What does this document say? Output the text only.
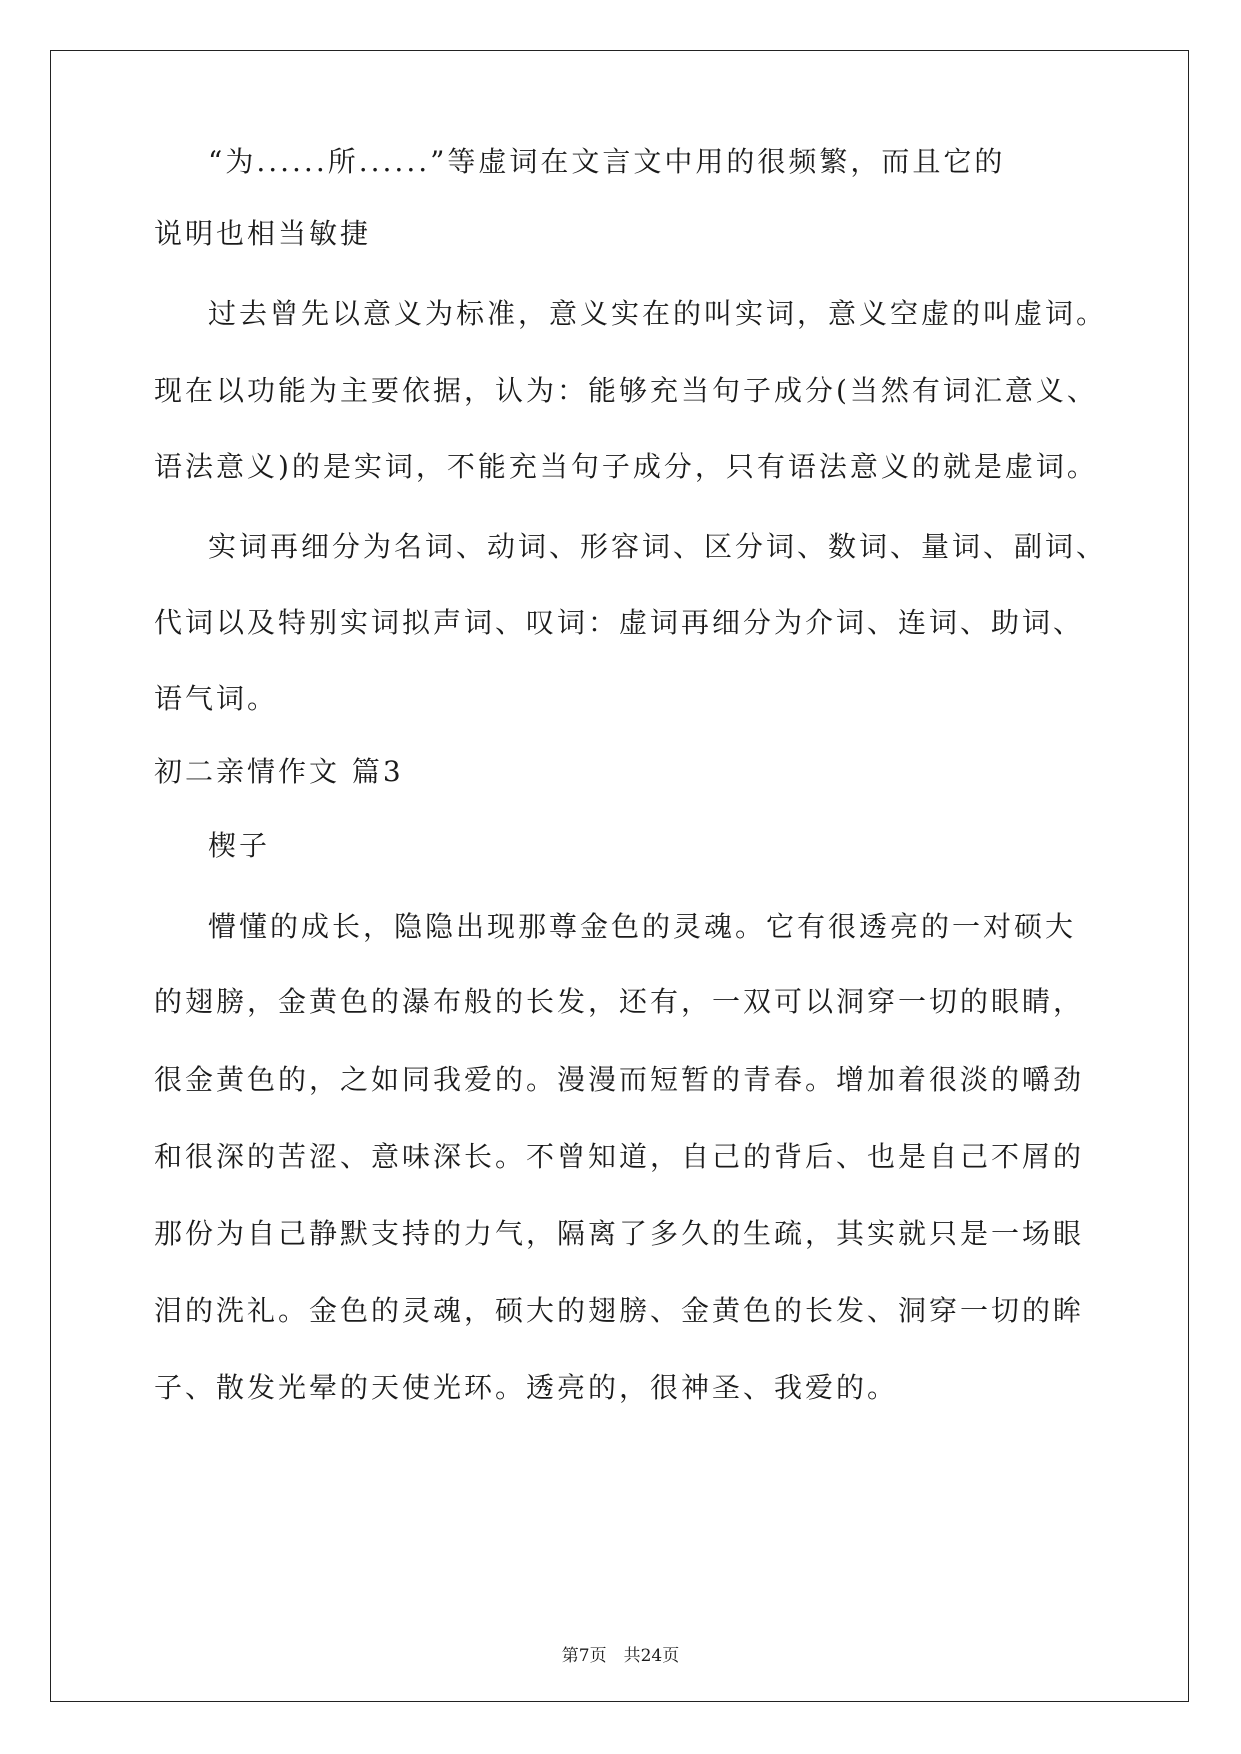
“为......所......”等虚词在文言文中用的很频繁，而且它的
说明也相当敏捷
过去曾先以意义为标准，意义实在的叫实词，意义空虚的叫虚词。
现在以功能为主要依据，认为：能够充当句子成分(当然有词汇意义、
语法意义)的是实词，不能充当句子成分，只有语法意义的就是虚词。
实词再细分为名词、动词、形容词、区分词、数词、量词、副词、
代词以及特别实词拟声词、叹词：虚词再细分为介词、连词、助词、
语气词。
初二亲情作文 篇3
楔子
懵懂的成长，隐隐出现那尊金色的灵魂。它有很透亮的一对硕大
的翅膀，金黄色的瀑布般的长发，还有，一双可以洞穿一切的眼睛，
很金黄色的，之如同我爱的。漫漫而短暂的青春。增加着很淡的嚼劲
和很深的苦涩、意味深长。不曾知道，自己的背后、也是自己不屑的
那份为自己静默支持的力气，隔离了多久的生疏，其实就只是一场眼
泪的洗礼。金色的灵魂，硕大的翅膀、金黄色的长发、洞穿一切的眸
子、散发光晕的天使光环。透亮的，很神圣、我爱的。
第7页　共24页
